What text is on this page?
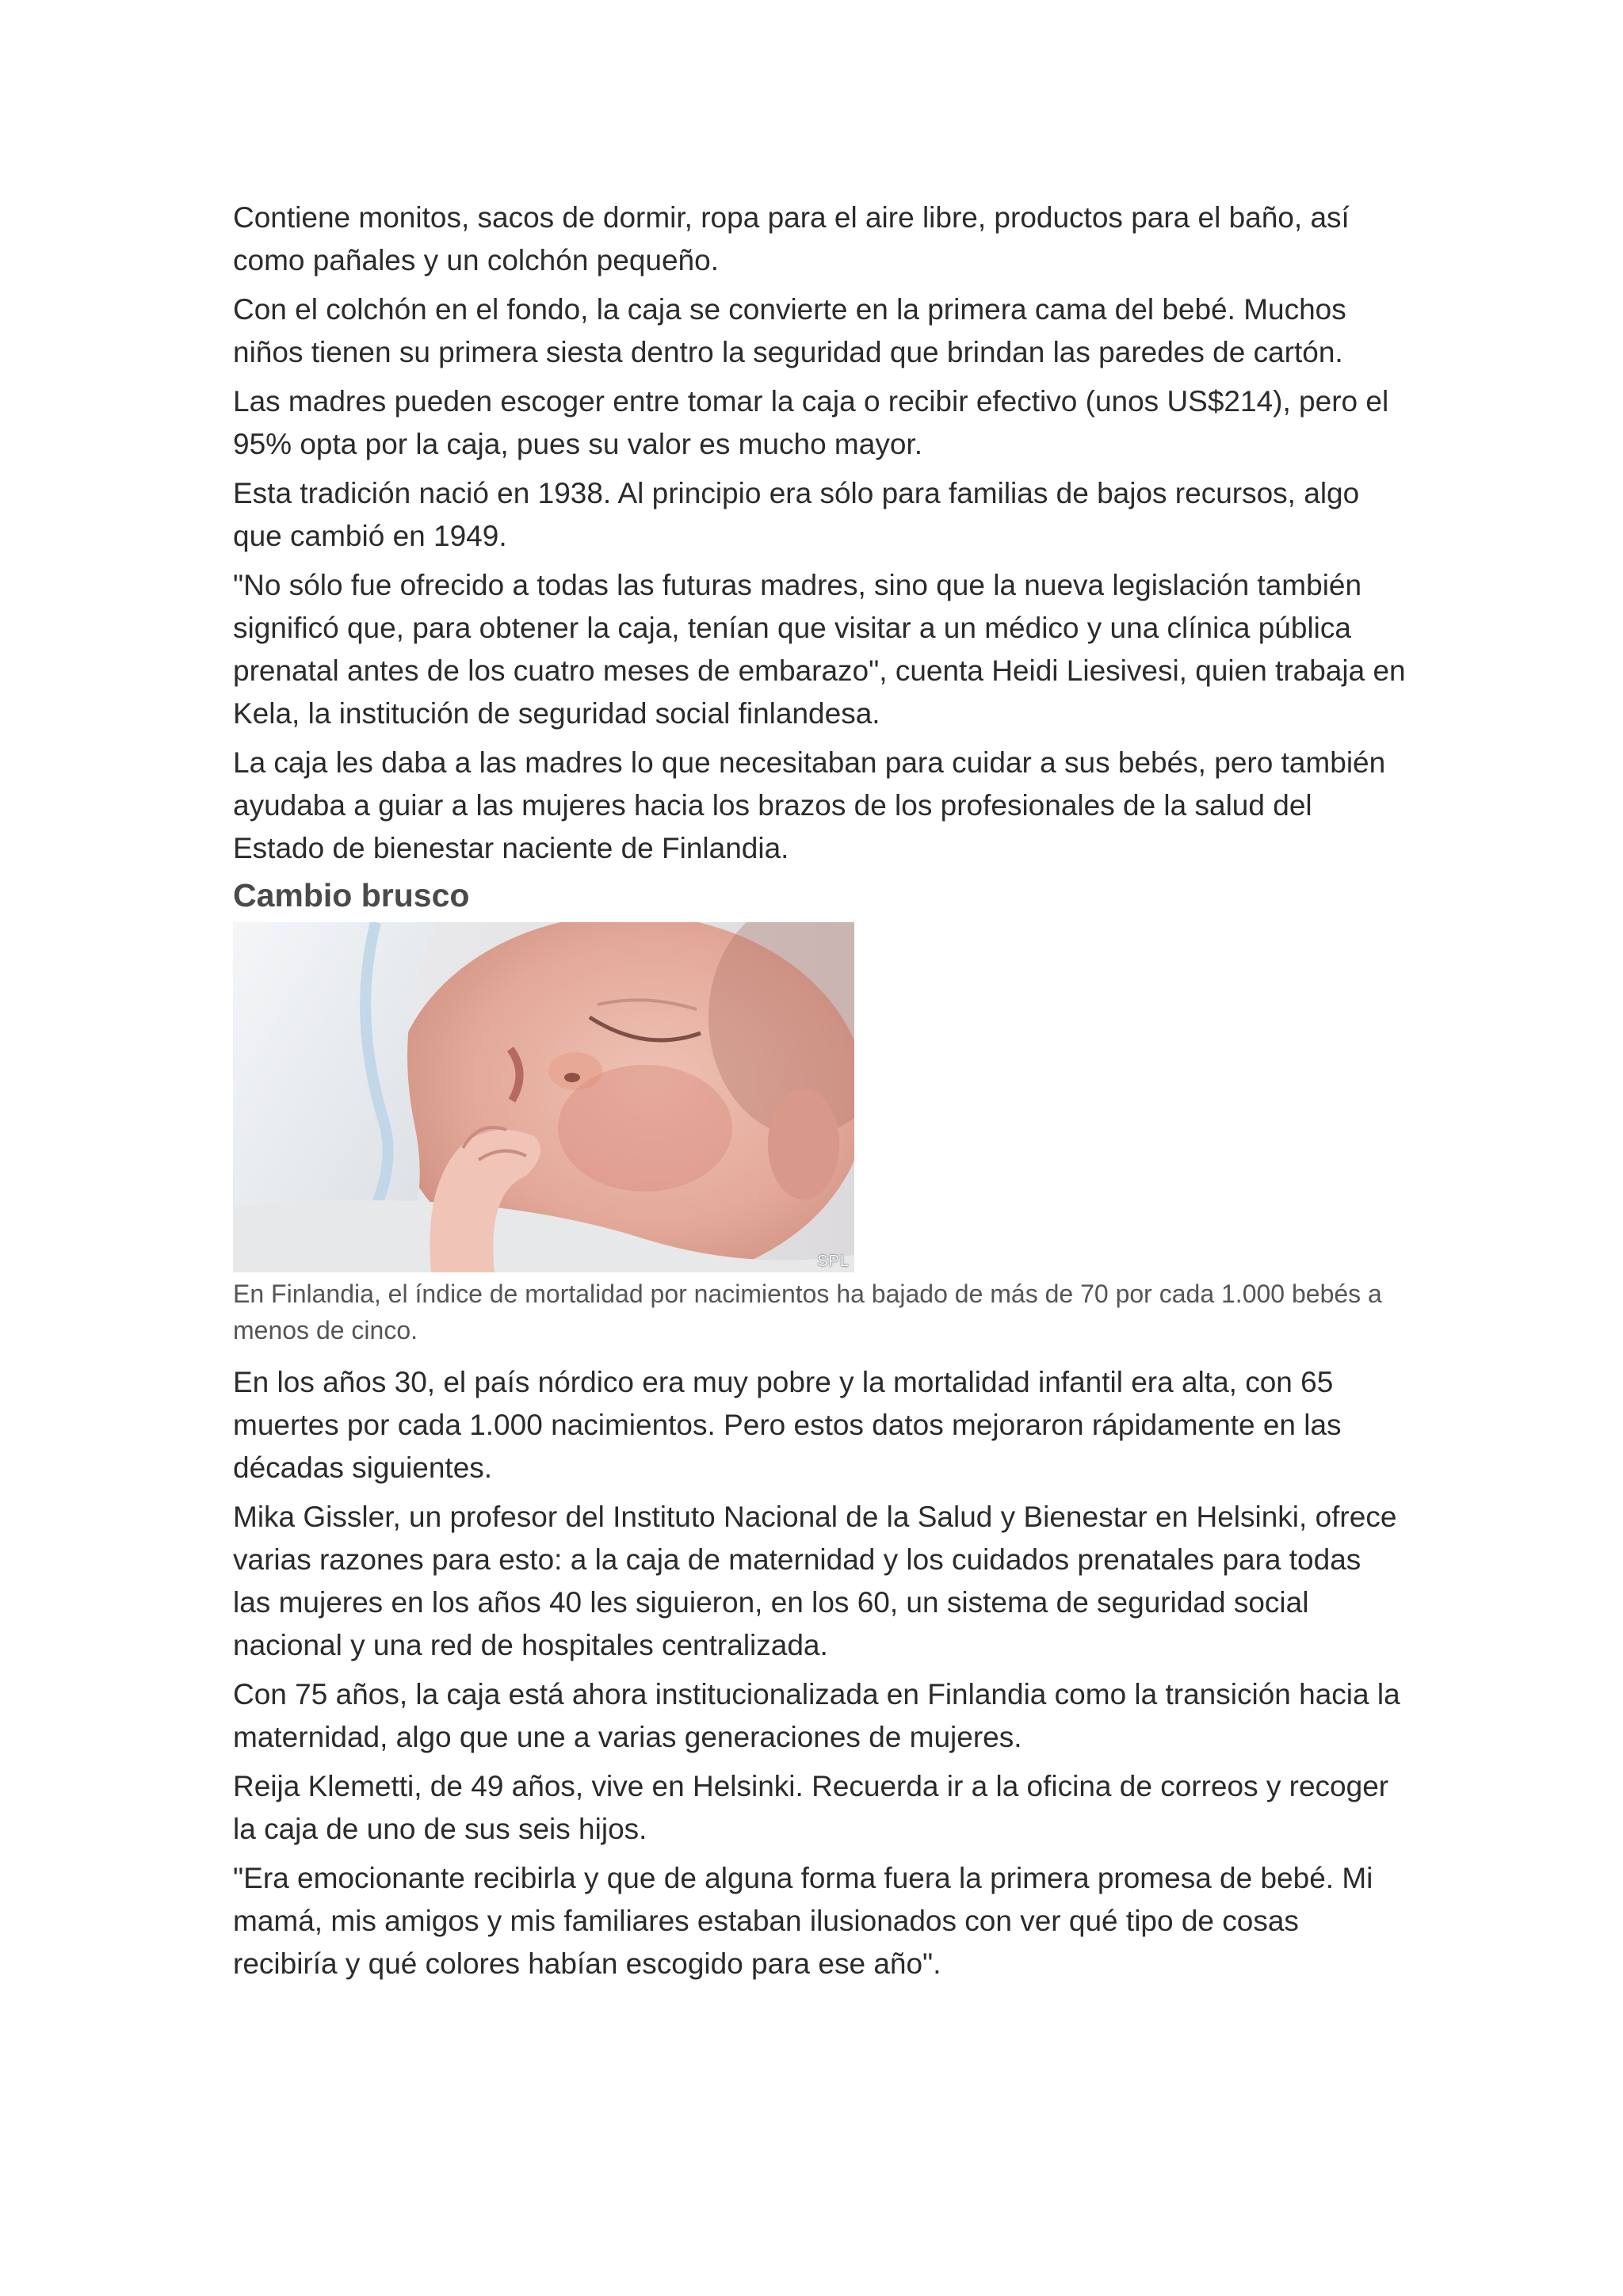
Contiene monitos, sacos de dormir, ropa para el aire libre, productos para el baño, así como pañales y un colchón pequeño.

Con el colchón en el fondo, la caja se convierte en la primera cama del bebé. Muchos niños tienen su primera siesta dentro la seguridad que brindan las paredes de cartón.

Las madres pueden escoger entre tomar la caja o recibir efectivo (unos US$214), pero el 95% opta por la caja, pues su valor es mucho mayor.

Esta tradición nació en 1938. Al principio era sólo para familias de bajos recursos, algo que cambió en 1949.

"No sólo fue ofrecido a todas las futuras madres, sino que la nueva legislación también significó que, para obtener la caja, tenían que visitar a un médico y una clínica pública prenatal antes de los cuatro meses de embarazo", cuenta Heidi Liesivesi, quien trabaja en Kela, la institución de seguridad social finlandesa.

La caja les daba a las madres lo que necesitaban para cuidar a sus bebés, pero también ayudaba a guiar a las mujeres hacia los brazos de los profesionales de la salud del Estado de bienestar naciente de Finlandia.

Cambio brusco
SPL

En Finlandia, el índice de mortalidad por nacimientos ha bajado de más de 70 por cada 1.000 bebés a menos de cinco.

En los años 30, el país nórdico era muy pobre y la mortalidad infantil era alta, con 65 muertes por cada 1.000 nacimientos. Pero estos datos mejoraron rápidamente en las décadas siguientes.

Mika Gissler, un profesor del Instituto Nacional de la Salud y Bienestar en Helsinki, ofrece varias razones para esto: a la caja de maternidad y los cuidados prenatales para todas las mujeres en los años 40 les siguieron, en los 60, un sistema de seguridad social nacional y una red de hospitales centralizada.

Con 75 años, la caja está ahora institucionalizada en Finlandia como la transición hacia la maternidad, algo que une a varias generaciones de mujeres.

Reija Klemetti, de 49 años, vive en Helsinki. Recuerda ir a la oficina de correos y recoger la caja de uno de sus seis hijos.

"Era emocionante recibirla y que de alguna forma fuera la primera promesa de bebé. Mi mamá, mis amigos y mis familiares estaban ilusionados con ver qué tipo de cosas recibiría y qué colores habían escogido para ese año".
